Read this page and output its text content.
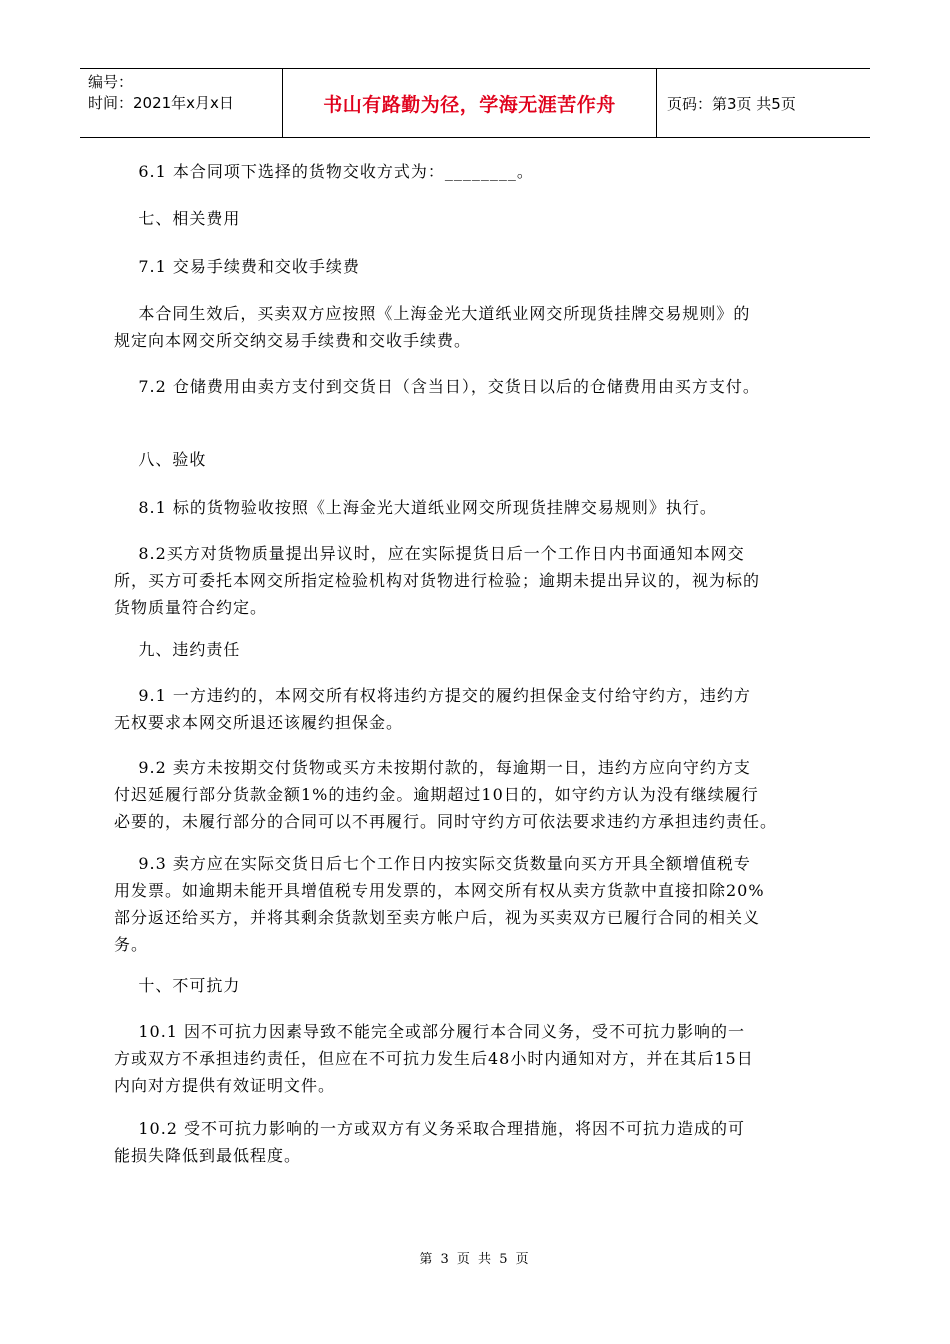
编号：
时间：2021年x月x日	书山有路勤为径，学海无涯苦作舟	页码：第3页 共5页
6.1 本合同项下选择的货物交收方式为：________。
七、相关费用
7.1 交易手续费和交收手续费
本合同生效后，买卖双方应按照《上海金光大道纸业网交所现货挂牌交易规则》的
规定向本网交所交纳交易手续费和交收手续费。
7.2 仓储费用由卖方支付到交货日（含当日），交货日以后的仓储费用由买方支付。
八、验收
8.1 标的货物验收按照《上海金光大道纸业网交所现货挂牌交易规则》执行。
8.2买方对货物质量提出异议时，应在实际提货日后一个工作日内书面通知本网交
所，买方可委托本网交所指定检验机构对货物进行检验；逾期未提出异议的，视为标的
货物质量符合约定。
九、违约责任
9.1 一方违约的，本网交所有权将违约方提交的履约担保金支付给守约方，违约方
无权要求本网交所退还该履约担保金。
9.2 卖方未按期交付货物或买方未按期付款的，每逾期一日，违约方应向守约方支
付迟延履行部分货款金额1%的违约金。逾期超过10日的，如守约方认为没有继续履行
必要的，未履行部分的合同可以不再履行。同时守约方可依法要求违约方承担违约责任。
9.3 卖方应在实际交货日后七个工作日内按实际交货数量向买方开具全额增值税专
用发票。如逾期未能开具增值税专用发票的，本网交所有权从卖方货款中直接扣除20%
部分返还给买方，并将其剩余货款划至卖方帐户后，视为买卖双方已履行合同的相关义
务。
十、不可抗力
10.1 因不可抗力因素导致不能完全或部分履行本合同义务，受不可抗力影响的一
方或双方不承担违约责任，但应在不可抗力发生后48小时内通知对方，并在其后15日
内向对方提供有效证明文件。
10.2 受不可抗力影响的一方或双方有义务采取合理措施，将因不可抗力造成的可
能损失降低到最低程度。
第 3 页 共 5 页
